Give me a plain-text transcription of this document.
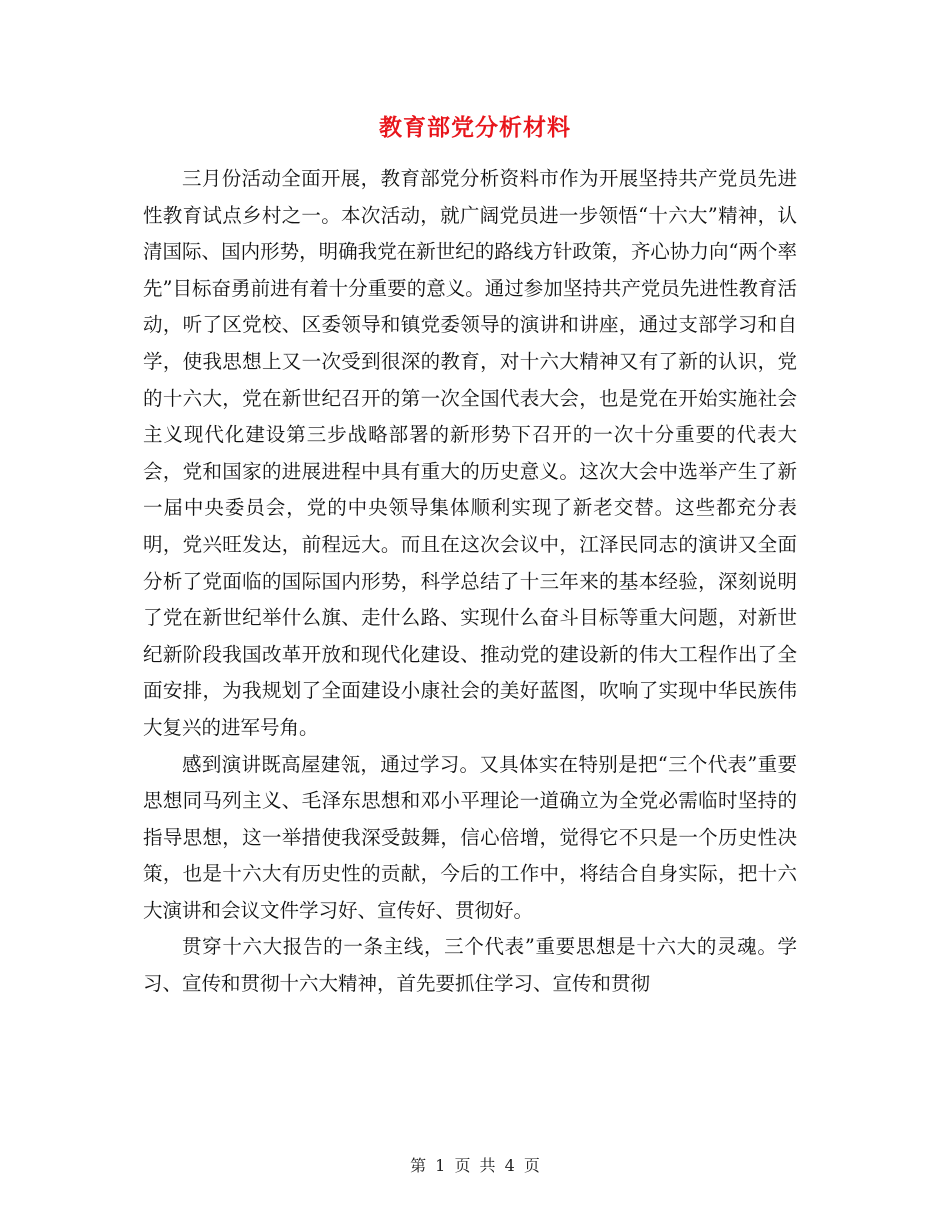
教育部党分析材料

三月份活动全面开展，教育部党分析资料市作为开展坚持共产党员先进性教育试点乡村之一。本次活动，就广阔党员进一步领悟“十六大”精神，认清国际、国内形势，明确我党在新世纪的路线方针政策，齐心协力向“两个率先”目标奋勇前进有着十分重要的意义。通过参加坚持共产党员先进性教育活动，听了区党校、区委领导和镇党委领导的演讲和讲座，通过支部学习和自学，使我思想上又一次受到很深的教育，对十六大精神又有了新的认识，党的十六大，党在新世纪召开的第一次全国代表大会，也是党在开始实施社会主义现代化建设第三步战略部署的新形势下召开的一次十分重要的代表大会，党和国家的进展进程中具有重大的历史意义。这次大会中选举产生了新一届中央委员会，党的中央领导集体顺利实现了新老交替。这些都充分表明，党兴旺发达，前程远大。而且在这次会议中，江泽民同志的演讲又全面分析了党面临的国际国内形势，科学总结了十三年来的基本经验，深刻说明了党在新世纪举什么旗、走什么路、实现什么奋斗目标等重大问题，对新世纪新阶段我国改革开放和现代化建设、推动党的建设新的伟大工程作出了全面安排，为我规划了全面建设小康社会的美好蓝图，吹响了实现中华民族伟大复兴的进军号角。

感到演讲既高屋建瓴，通过学习。又具体实在特别是把“三个代表”重要思想同马列主义、毛泽东思想和邓小平理论一道确立为全党必需临时坚持的指导思想，这一举措使我深受鼓舞，信心倍增，觉得它不只是一个历史性决策，也是十六大有历史性的贡献，今后的工作中，将结合自身实际，把十六大演讲和会议文件学习好、宣传好、贯彻好。

贯穿十六大报告的一条主线，三个代表”重要思想是十六大的灵魂。学习、宣传和贯彻十六大精神，首先要抓住学习、宣传和贯彻

第 1 页 共 4 页
